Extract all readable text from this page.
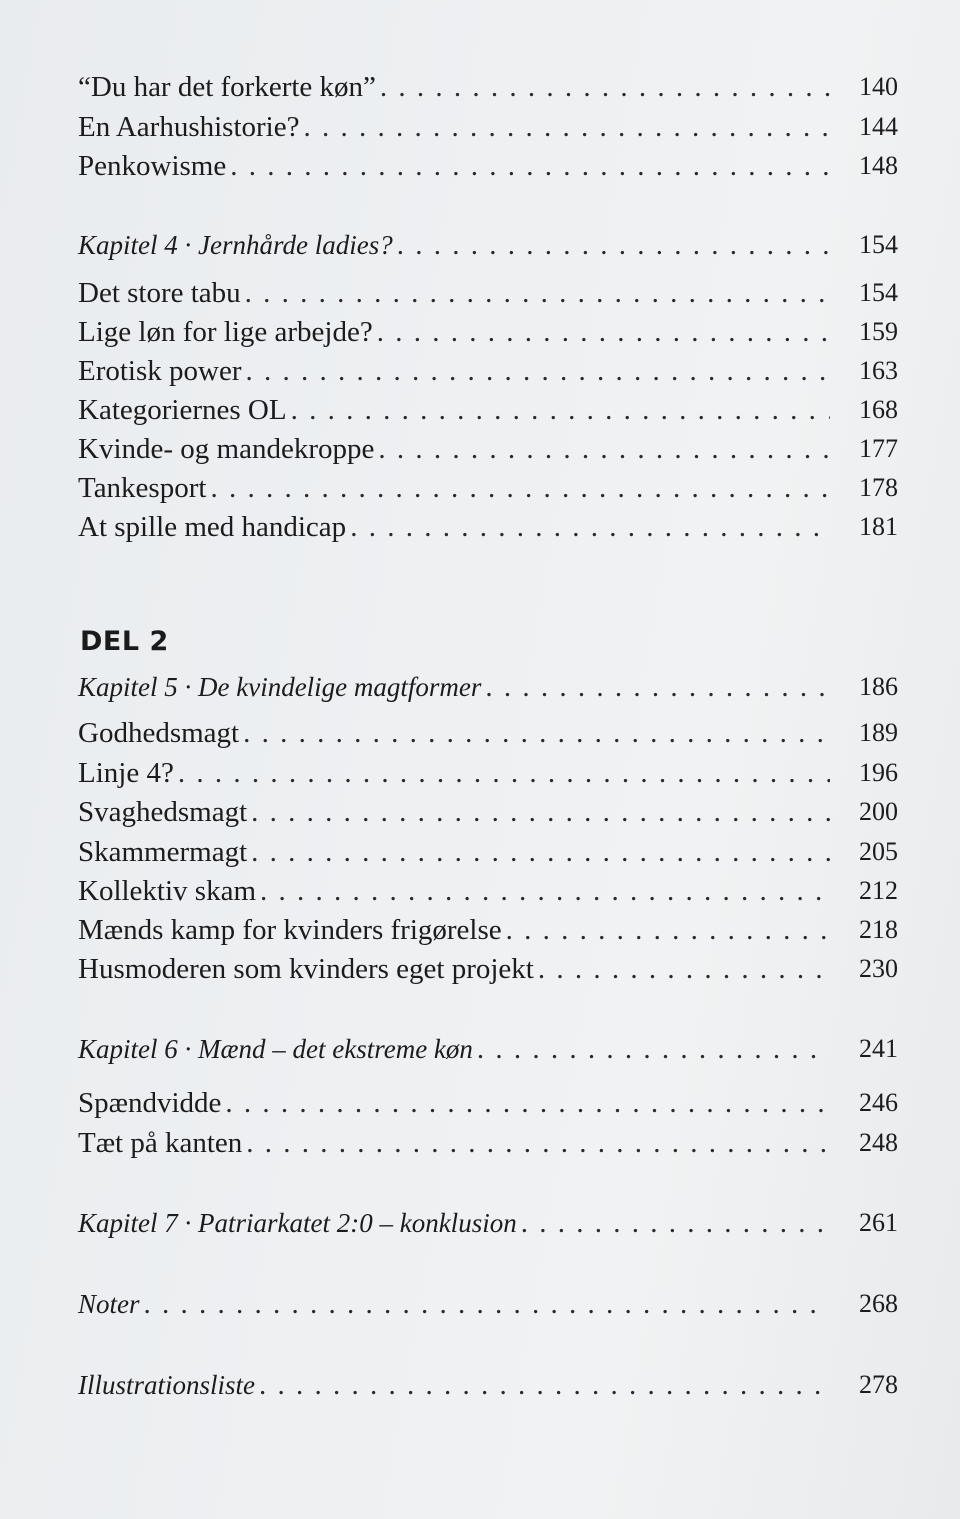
“Du har det forkerte køn” . . .	140
En Aarhushistorie? . . .	144
Penkowisme . . .	148
Kapitel 4 · Jernhårde ladies? . . .	154
Det store tabu . . .	154
Lige løn for lige arbejde? . . .	159
Erotisk power . . .	163
Kategoriernes OL . . .	168
Kvinde- og mandekroppe . . .	177
Tankesport . . .	178
At spille med handicap . . .	181
DEL 2
Kapitel 5 · De kvindelige magtformer . . .	186
Godhedsmagt . . .	189
Linje 4? . . .	196
Svaghedsmagt . . .	200
Skammermagt . . .	205
Kollektiv skam . . .	212
Mænds kamp for kvinders frigørelse . . .	218
Husmoderen som kvinders eget projekt . . .	230
Kapitel 6 · Mænd – det ekstreme køn . . .	241
Spændvidde . . .	246
Tæt på kanten . . .	248
Kapitel 7 · Patriarkatet 2:0 – konklusion . . .	261
Noter . . .	268
Illustrationsliste . . .	278
